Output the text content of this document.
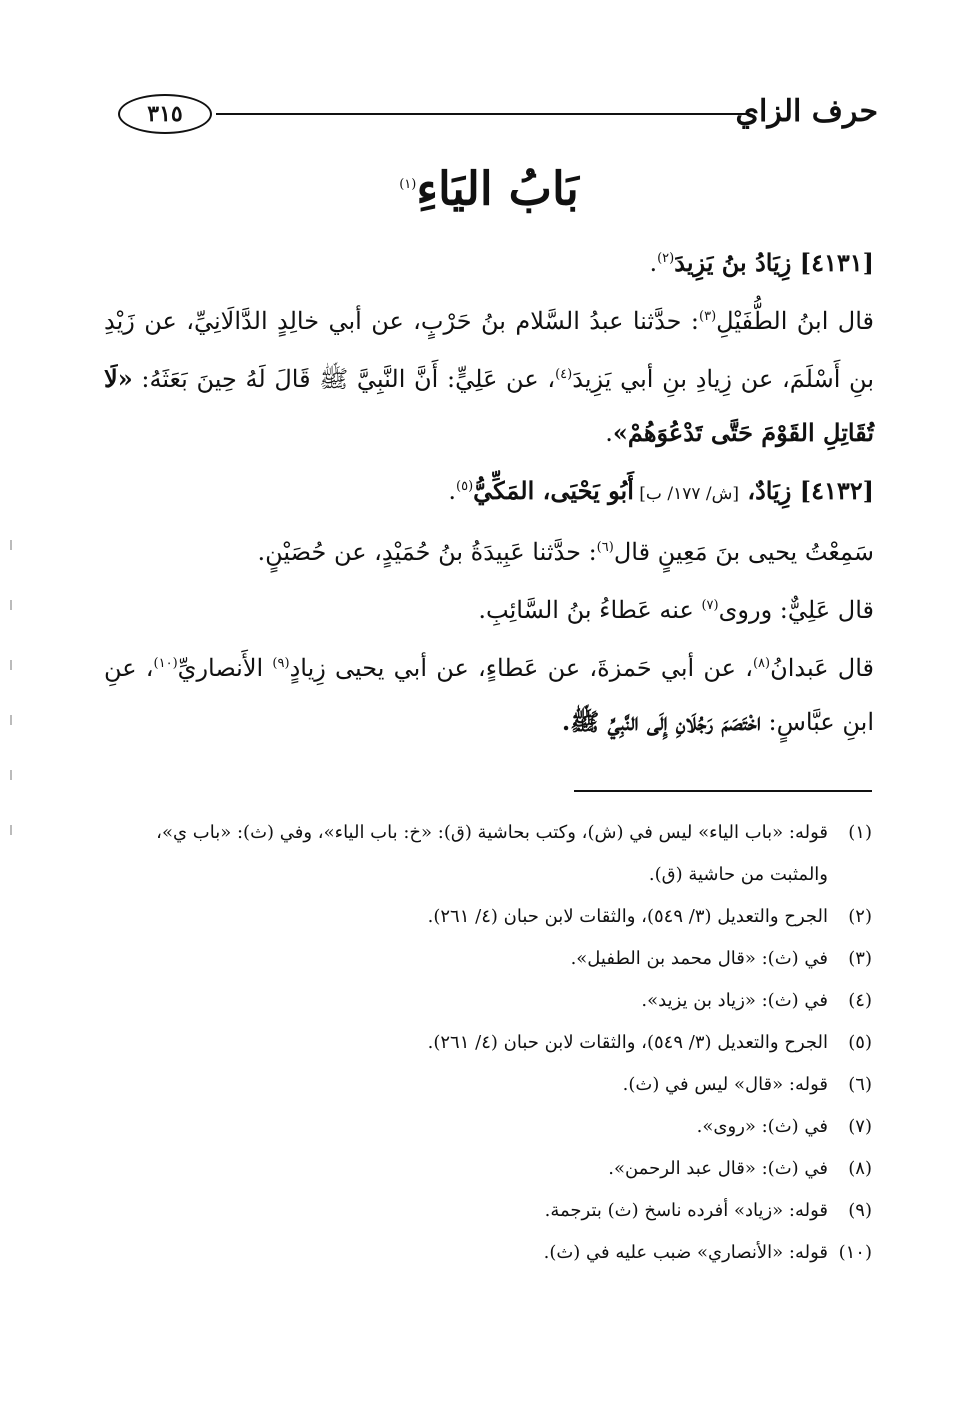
حرف الزاي
٣١٥
بَابُ اليَاءِ$^{(١)}$

[٤١٣١] زِيَادُ بنُ يَزِيدَ$^{(٢)}$.

قال ابنُ الطُّفَيْلِ$^{(٣)}$: حدَّثنا عبدُ السَّلام بنُ حَرْبٍ، عن أبي خالِدٍ الدَّالَانِيِّ، عن زَيْدِ بنِ أَسْلَمَ، عن زِيادِ بنِ أبي يَزِيدَ$^{(٤)}$، عن عَلِيٍّ: أَنَّ النَّبِيَّ ﷺ قَالَ لَهُ حِينَ بَعَثَهُ: «لَا تُقَاتِلِ القَوْمَ حَتَّى تَدْعُوَهُمْ».

[٤١٣٢] زِيَادٌ، [ش/ ١٧٧/ ب] أَبُو يَحْيَى، المَكِّيُّ$^{(٥)}$.

سَمِعْتُ يحيى بنَ مَعِينٍ قال$^{(٦)}$: حدَّثنا عَبِيدَةُ بنُ حُمَيْدٍ، عن حُصَيْنٍ.

قال عَلِيٌّ: وروى$^{(٧)}$ عنه عَطاءُ بنُ السَّائِبِ.

قال عَبدانُ$^{(٨)}$، عن أبي حَمزةَ، عن عَطاءٍ، عن أبي يحيى زِيادٍ$^{(٩)}$ الأَنصاريِّ$^{(١٠)}$، عنِ ابنِ عبَّاسٍ: اخْتَصَمَ رَجُلَانِ إِلَى النَّبِيِّ ﷺ.

(١)
قوله: «باب الياء» ليس في (ش)، وكتب بحاشية (ق): «خ: باب الياء»، وفي (ث): «باب ي»، والمثبت من حاشية (ق).

(٢)
الجرح والتعديل (٣/ ٥٤٩)، والثقات لابن حبان (٤/ ٢٦١).

(٣)
في (ث): «قال محمد بن الطفيل».

(٤)
في (ث): «زياد بن يزيد».

(٥)
الجرح والتعديل (٣/ ٥٤٩)، والثقات لابن حبان (٤/ ٢٦١).

(٦)
قوله: «قال» ليس في (ث).

(٧)
في (ث): «روى».

(٨)
في (ث): «قال عبد الرحمن».

(٩)
قوله: «زياد» أفرده ناسخ (ث) بترجمة.

(١٠)
قوله: «الأنصاري» ضبب عليه في (ث).
